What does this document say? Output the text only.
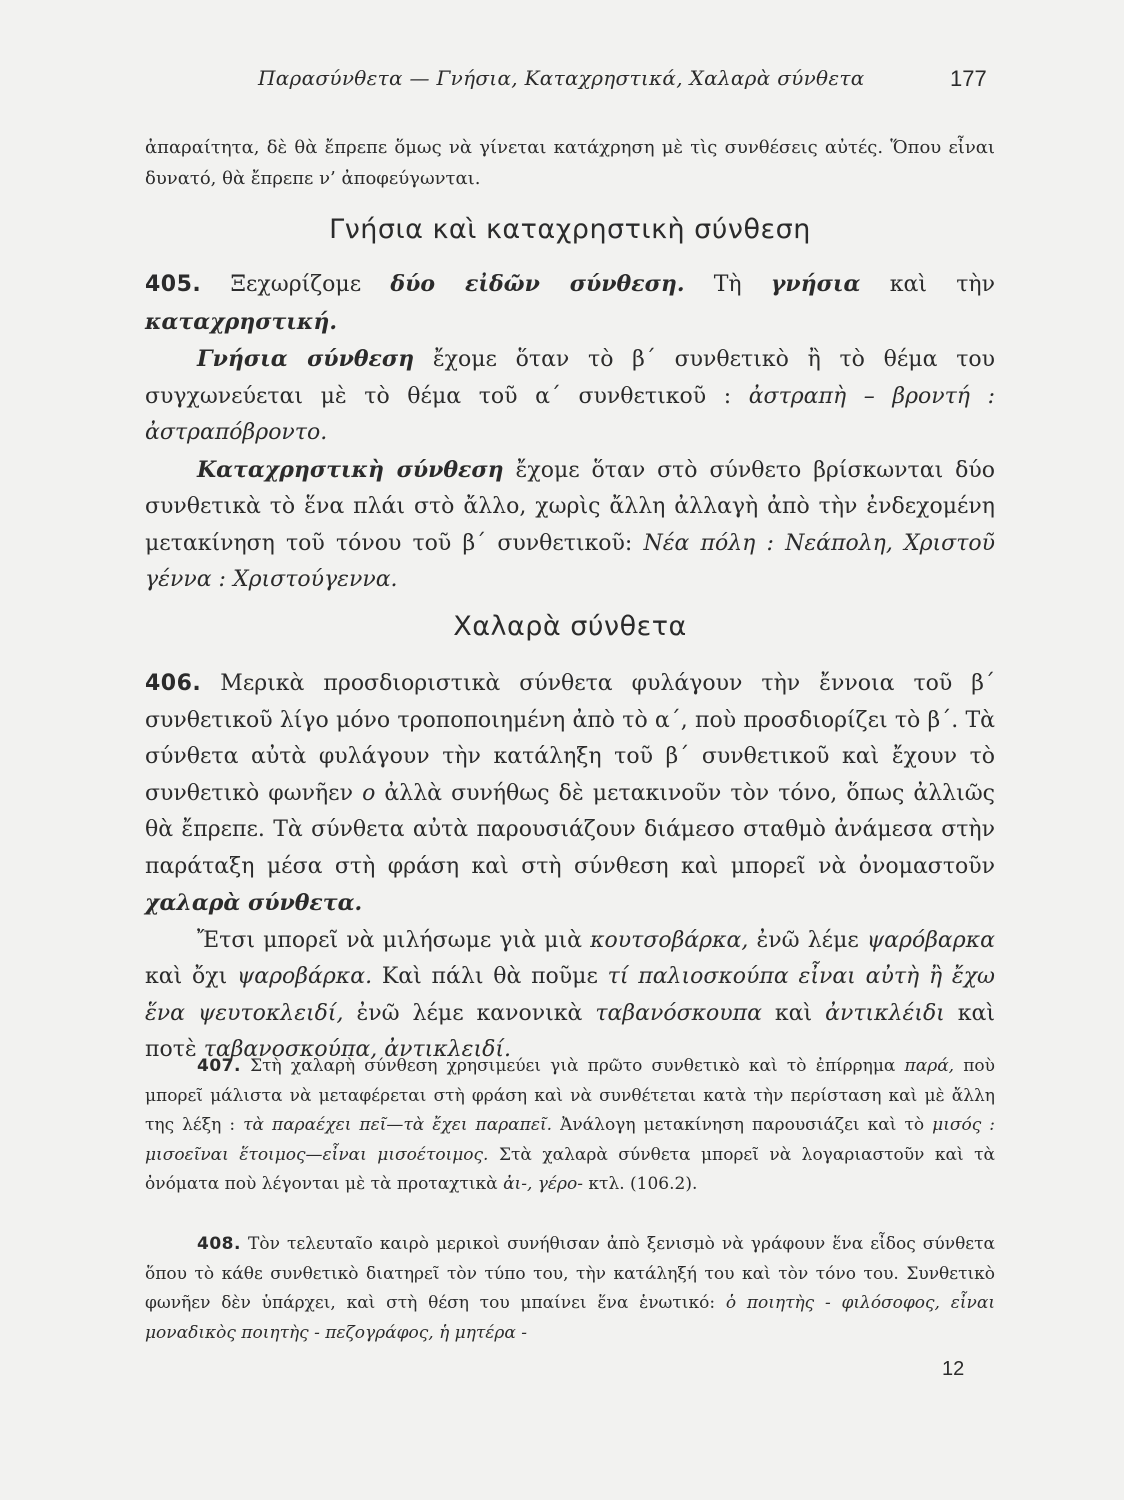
Παρασύνθετα — Γνήσια, Καταχρηστικά, Χαλαρὰ σύνθετα	177
ἀπαραίτητα, δὲ θὰ ἔπρεπε ὅμως νὰ γίνεται κατάχρηση μὲ τὶς συνθέσεις αὐτές. Ὅπου εἶναι δυνατό, θὰ ἔπρεπε ν’ ἀποφεύγωνται.
Γνήσια καὶ καταχρηστικὴ σύνθεση

405. Ξεχωρίζομε δύο εἰδῶν σύνθεση. Τὴ γνήσια καὶ τὴν καταχρηστική.

Γνήσια σύνθεση ἔχομε ὅταν τὸ β΄ συνθετικὸ ἢ τὸ θέμα του συγχωνεύεται μὲ τὸ θέμα τοῦ α΄ συνθετικοῦ : ἀστραπὴ – βροντή : ἀστραπόβροντο.

Καταχρηστικὴ σύνθεση ἔχομε ὅταν στὸ σύνθετο βρίσκωνται δύο συνθετικὰ τὸ ἕνα πλάι στὸ ἄλλο, χωρὶς ἄλλη ἀλλαγὴ ἀπὸ τὴν ἐνδεχομένη μετακίνηση τοῦ τόνου τοῦ β΄ συνθετικοῦ: Νέα πόλη : Νεάπολη, Χριστοῦ γέννα : Χριστούγεννα.

Χαλαρὰ σύνθετα

406. Μερικὰ προσδιοριστικὰ σύνθετα φυλάγουν τὴν ἔννοια τοῦ β΄ συνθετικοῦ λίγο μόνο τροποποιημένη ἀπὸ τὸ α΄, ποὺ προσδιορίζει τὸ β΄. Τὰ σύνθετα αὐτὰ φυλάγουν τὴν κατάληξη τοῦ β΄ συνθετικοῦ καὶ ἔχουν τὸ συνθετικὸ φωνῆεν ο ἀλλὰ συνήθως δὲ μετακινοῦν τὸν τόνο, ὅπως ἀλλιῶς θὰ ἔπρεπε. Τὰ σύνθετα αὐτὰ παρουσιάζουν διάμεσο σταθμὸ ἀνάμεσα στὴν παράταξη μέσα στὴ φράση καὶ στὴ σύνθεση καὶ μπορεῖ νὰ ὀνομαστοῦν χαλαρὰ σύνθετα.

Ἔτσι μπορεῖ νὰ μιλήσωμε γιὰ μιὰ κουτσοβάρκα, ἐνῶ λέμε ψαρόβαρκα καὶ ὄχι ψαροβάρκα. Καὶ πάλι θὰ ποῦμε τί παλιοσκούπα εἶναι αὐτὴ ἢ ἔχω ἕνα ψευτοκλειδί, ἐνῶ λέμε κανονικὰ ταβανόσκουπα καὶ ἀντικλέιδι καὶ ποτὲ ταβανοσκούπα, ἀντικλειδί.

407. Στὴ χαλαρὴ σύνθεση χρησιμεύει γιὰ πρῶτο συνθετικὸ καὶ τὸ ἐπίρρημα παρά, ποὺ μπορεῖ μάλιστα νὰ μεταφέρεται στὴ φράση καὶ νὰ συνθέτεται κατὰ τὴν περίσταση καὶ μὲ ἄλλη της λέξη : τὰ παραέχει πεῖ—τὰ ἔχει παραπεῖ. Ἀνάλογη μετακίνηση παρουσιάζει καὶ τὸ μισός : μισοεῖναι ἕτοιμος—εἶναι μισοέτοιμος. Στὰ χαλαρὰ σύνθετα μπορεῖ νὰ λογαριαστοῦν καὶ τὰ ὀνόματα ποὺ λέγονται μὲ τὰ προταχτικὰ ἀι-, γέρο- κτλ. (106.2).

408. Τὸν τελευταῖο καιρὸ μερικοὶ συνήθισαν ἀπὸ ξενισμὸ νὰ γράφουν ἕνα εἶδος σύνθετα ὅπου τὸ κάθε συνθετικὸ διατηρεῖ τὸν τύπο του, τὴν κατάληξή του καὶ τὸν τόνο του. Συνθετικὸ φωνῆεν δὲν ὑπάρχει, καὶ στὴ θέση του μπαίνει ἕνα ἑνωτικό: ὁ ποιητὴς - φιλόσοφος, εἶναι μοναδικὸς ποιητὴς - πεζογράφος, ἡ μητέρα -

12
